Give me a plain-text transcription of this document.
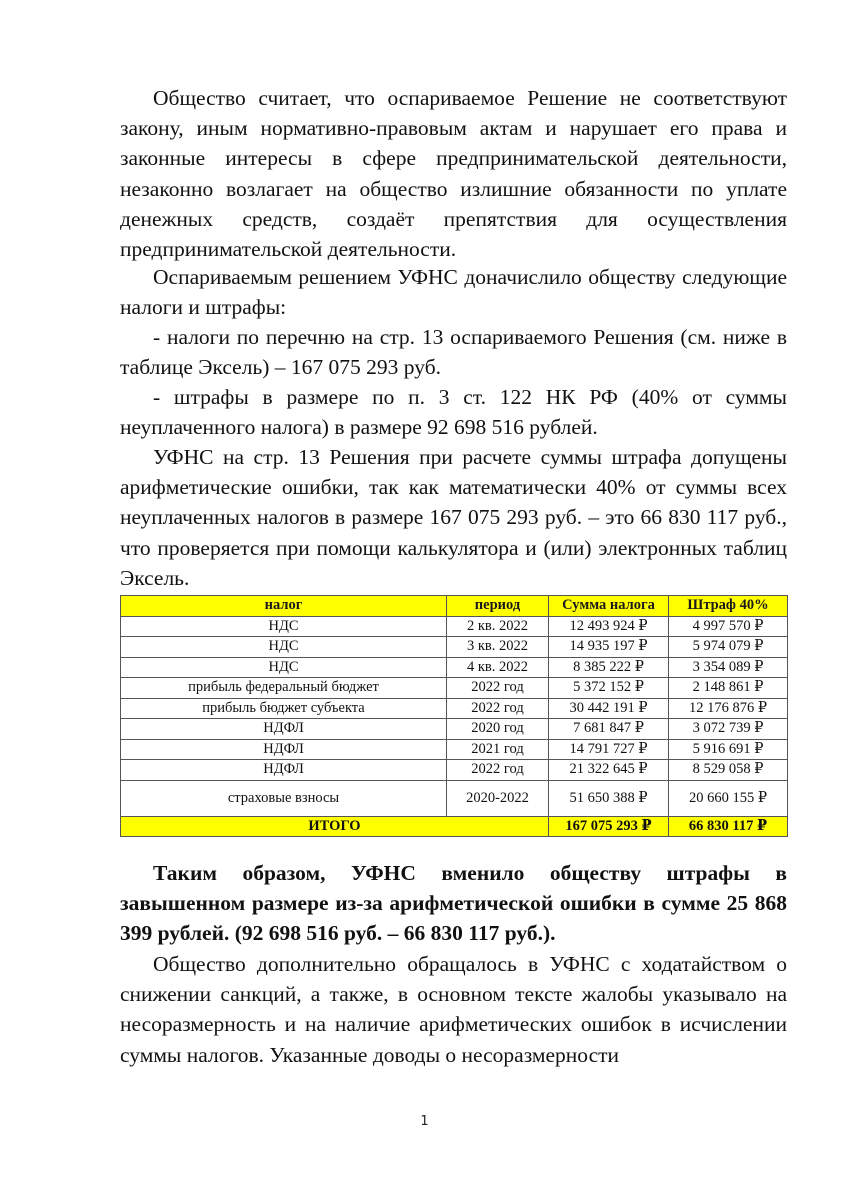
Общество считает, что оспариваемое Решение не соответствуют закону, иным нормативно-правовым актам и нарушает его права и законные интересы в сфере предпринимательской деятельности, незаконно возлагает на общество излишние обязанности по уплате денежных средств, создаёт препятствия для осуществления предпринимательской деятельности.

Оспариваемым решением УФНС доначислило обществу следующие налоги и штрафы:

- налоги по перечню на стр. 13 оспариваемого Решения (см. ниже в таблице Эксель) – 167 075 293 руб.

- штрафы в размере по п. 3 ст. 122 НК РФ (40% от суммы неуплаченного налога) в размере 92 698 516 рублей.

УФНС на стр. 13 Решения при расчете суммы штрафа допущены арифметические ошибки, так как математически 40% от суммы всех неуплаченных налогов в размере 167 075 293 руб. – это 66 830 117 руб., что проверяется при помощи калькулятора и (или) электронных таблиц Эксель.

налог	период	Сумма налога	Штраф 40%
НДС	2 кв. 2022	12 493 924 ₽	4 997 570 ₽
НДС	3 кв. 2022	14 935 197 ₽	5 974 079 ₽
НДС	4 кв. 2022	8 385 222 ₽	3 354 089 ₽
прибыль федеральный бюджет	2022 год	5 372 152 ₽	2 148 861 ₽
прибыль бюджет субъекта	2022 год	30 442 191 ₽	12 176 876 ₽
НДФЛ	2020 год	7 681 847 ₽	3 072 739 ₽
НДФЛ	2021 год	14 791 727 ₽	5 916 691 ₽
НДФЛ	2022 год	21 322 645 ₽	8 529 058 ₽
страховые взносы	2020-2022	51 650 388 ₽	20 660 155 ₽
ИТОГО		167 075 293 ₽	66 830 117 ₽

Таким образом, УФНС вменило обществу штрафы в завышенном размере из-за арифметической ошибки в сумме 25 868 399 рублей. (92 698 516 руб. – 66 830 117 руб.).

Общество дополнительно обращалось в УФНС с ходатайством о снижении санкций, а также, в основном тексте жалобы указывало на несоразмерность и на наличие арифметических ошибок в исчислении суммы налогов. Указанные доводы о несоразмерности

1
